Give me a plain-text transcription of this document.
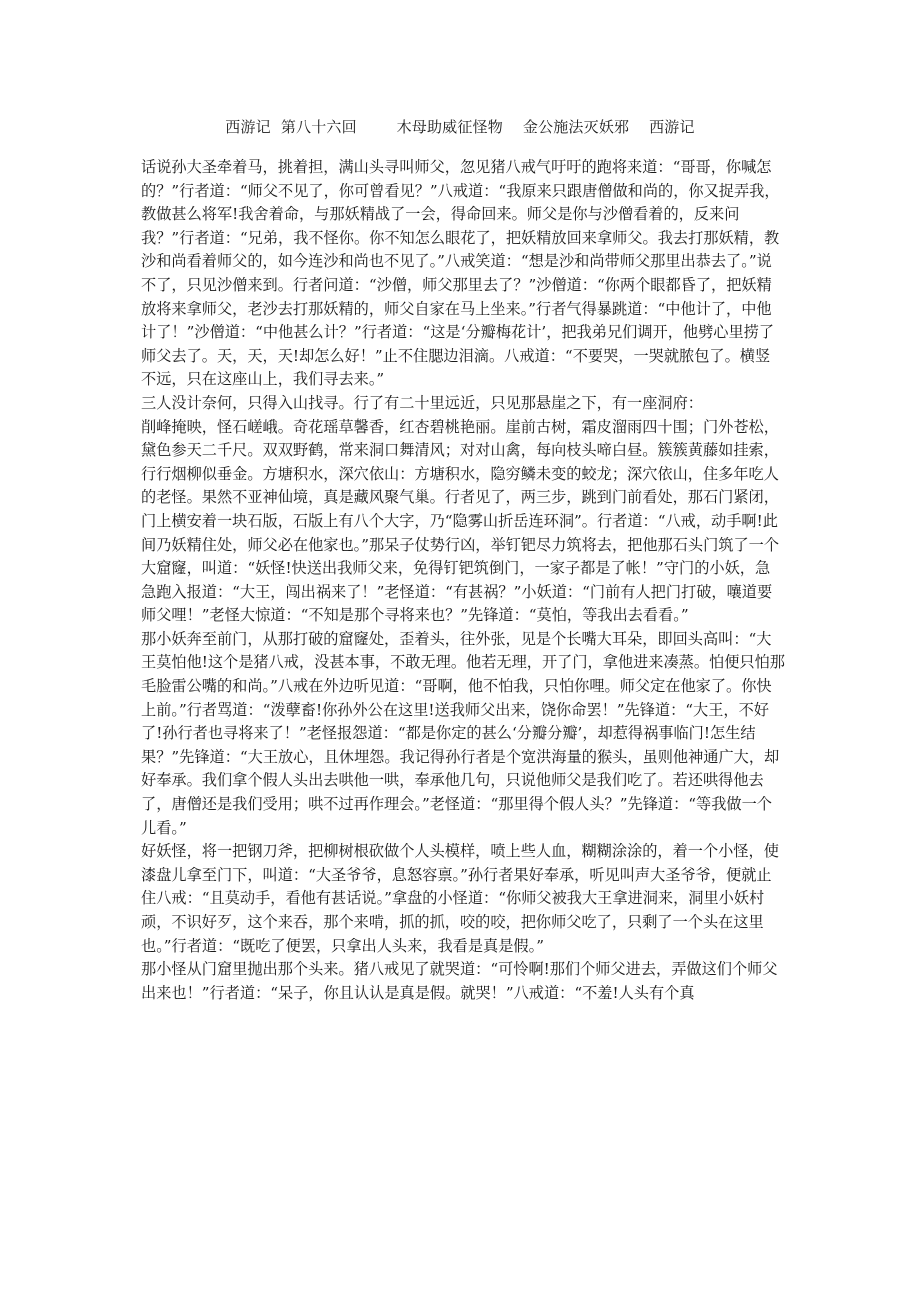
西游记  第八十六回        木母助威征怪物    金公施法灭妖邪    西游记

话说孙大圣牵着马，挑着担，满山头寻叫师父，忽见猪八戒气吁吁的跑将来道：“哥哥，你喊怎的？”行者道：“师父不见了，你可曾看见？”八戒道：“我原来只跟唐僧做和尚的，你又捉弄我，教做甚么将军!我舍着命，与那妖精战了一会，得命回来。师父是你与沙僧看着的，反来问我？”行者道：“兄弟，我不怪你。你不知怎么眼花了，把妖精放回来拿师父。我去打那妖精，教沙和尚看着师父的，如今连沙和尚也不见了。”八戒笑道：“想是沙和尚带师父那里出恭去了。”说不了，只见沙僧来到。行者问道：“沙僧，师父那里去了？”沙僧道：“你两个眼都昏了，把妖精放将来拿师父，老沙去打那妖精的，师父自家在马上坐来。”行者气得暴跳道：“中他计了，中他计了！”沙僧道：“中他甚么计？”行者道：“这是‘分瓣梅花计’，把我弟兄们调开，他劈心里捞了师父去了。天，天，天!却怎么好！”止不住腮边泪滴。八戒道：“不要哭，一哭就脓包了。横竖不远，只在这座山上，我们寻去来。”

三人没计奈何，只得入山找寻。行了有二十里远近，只见那悬崖之下，有一座洞府：

削峰掩映，怪石嵯峨。奇花瑶草馨香，红杏碧桃艳丽。崖前古树，霜皮溜雨四十围；门外苍松，黛色参天二千尺。双双野鹤，常来洞口舞清风；对对山禽，每向枝头啼白昼。簇簇黄藤如挂索，行行烟柳似垂金。方塘积水，深穴依山：方塘积水，隐穷鳞未变的蛟龙；深穴依山，住多年吃人的老怪。果然不亚神仙境，真是藏风聚气巢。行者见了，两三步，跳到门前看处，那石门紧闭，门上横安着一块石版，石版上有八个大字，乃“隐雾山折岳连环洞”。行者道：“八戒，动手啊!此间乃妖精住处，师父必在他家也。”那呆子仗势行凶，举钉钯尽力筑将去，把他那石头门筑了一个大窟窿，叫道：“妖怪!快送出我师父来，免得钉钯筑倒门，一家子都是了帐！”守门的小妖，急急跑入报道：“大王，闯出祸来了！”老怪道：“有甚祸？”小妖道：“门前有人把门打破，嚷道要师父哩！”老怪大惊道：“不知是那个寻将来也？”先锋道：“莫怕，等我出去看看。”

那小妖奔至前门，从那打破的窟窿处，歪着头，往外张，见是个长嘴大耳朵，即回头高叫：“大王莫怕他!这个是猪八戒，没甚本事，不敢无理。他若无理，开了门，拿他进来凑蒸。怕便只怕那毛脸雷公嘴的和尚。”八戒在外边听见道：“哥啊，他不怕我，只怕你哩。师父定在他家了。你快上前。”行者骂道：“泼孽畜!你孙外公在这里!送我师父出来，饶你命罢！”先锋道：“大王，不好了!孙行者也寻将来了！”老怪报怨道：“都是你定的甚么‘分瓣分瓣’，却惹得祸事临门!怎生结果？”先锋道：“大王放心，且休埋怨。我记得孙行者是个宽洪海量的猴头，虽则他神通广大，却好奉承。我们拿个假人头出去哄他一哄，奉承他几句，只说他师父是我们吃了。若还哄得他去了，唐僧还是我们受用；哄不过再作理会。”老怪道：“那里得个假人头？”先锋道：“等我做一个儿看。”

好妖怪，将一把钢刀斧，把柳树根砍做个人头模样，喷上些人血，糊糊涂涂的，着一个小怪，使漆盘儿拿至门下，叫道：“大圣爷爷，息怒容禀。”孙行者果好奉承，听见叫声大圣爷爷，便就止住八戒：“且莫动手，看他有甚话说。”拿盘的小怪道：“你师父被我大王拿进洞来，洞里小妖村顽，不识好歹，这个来吞，那个来啃，抓的抓，咬的咬，把你师父吃了，只剩了一个头在这里也。”行者道：“既吃了便罢，只拿出人头来，我看是真是假。”

那小怪从门窟里抛出那个头来。猪八戒见了就哭道：“可怜啊!那们个师父进去，弄做这们个师父出来也！”行者道：“呆子，你且认认是真是假。就哭！”八戒道：“不羞!人头有个真
